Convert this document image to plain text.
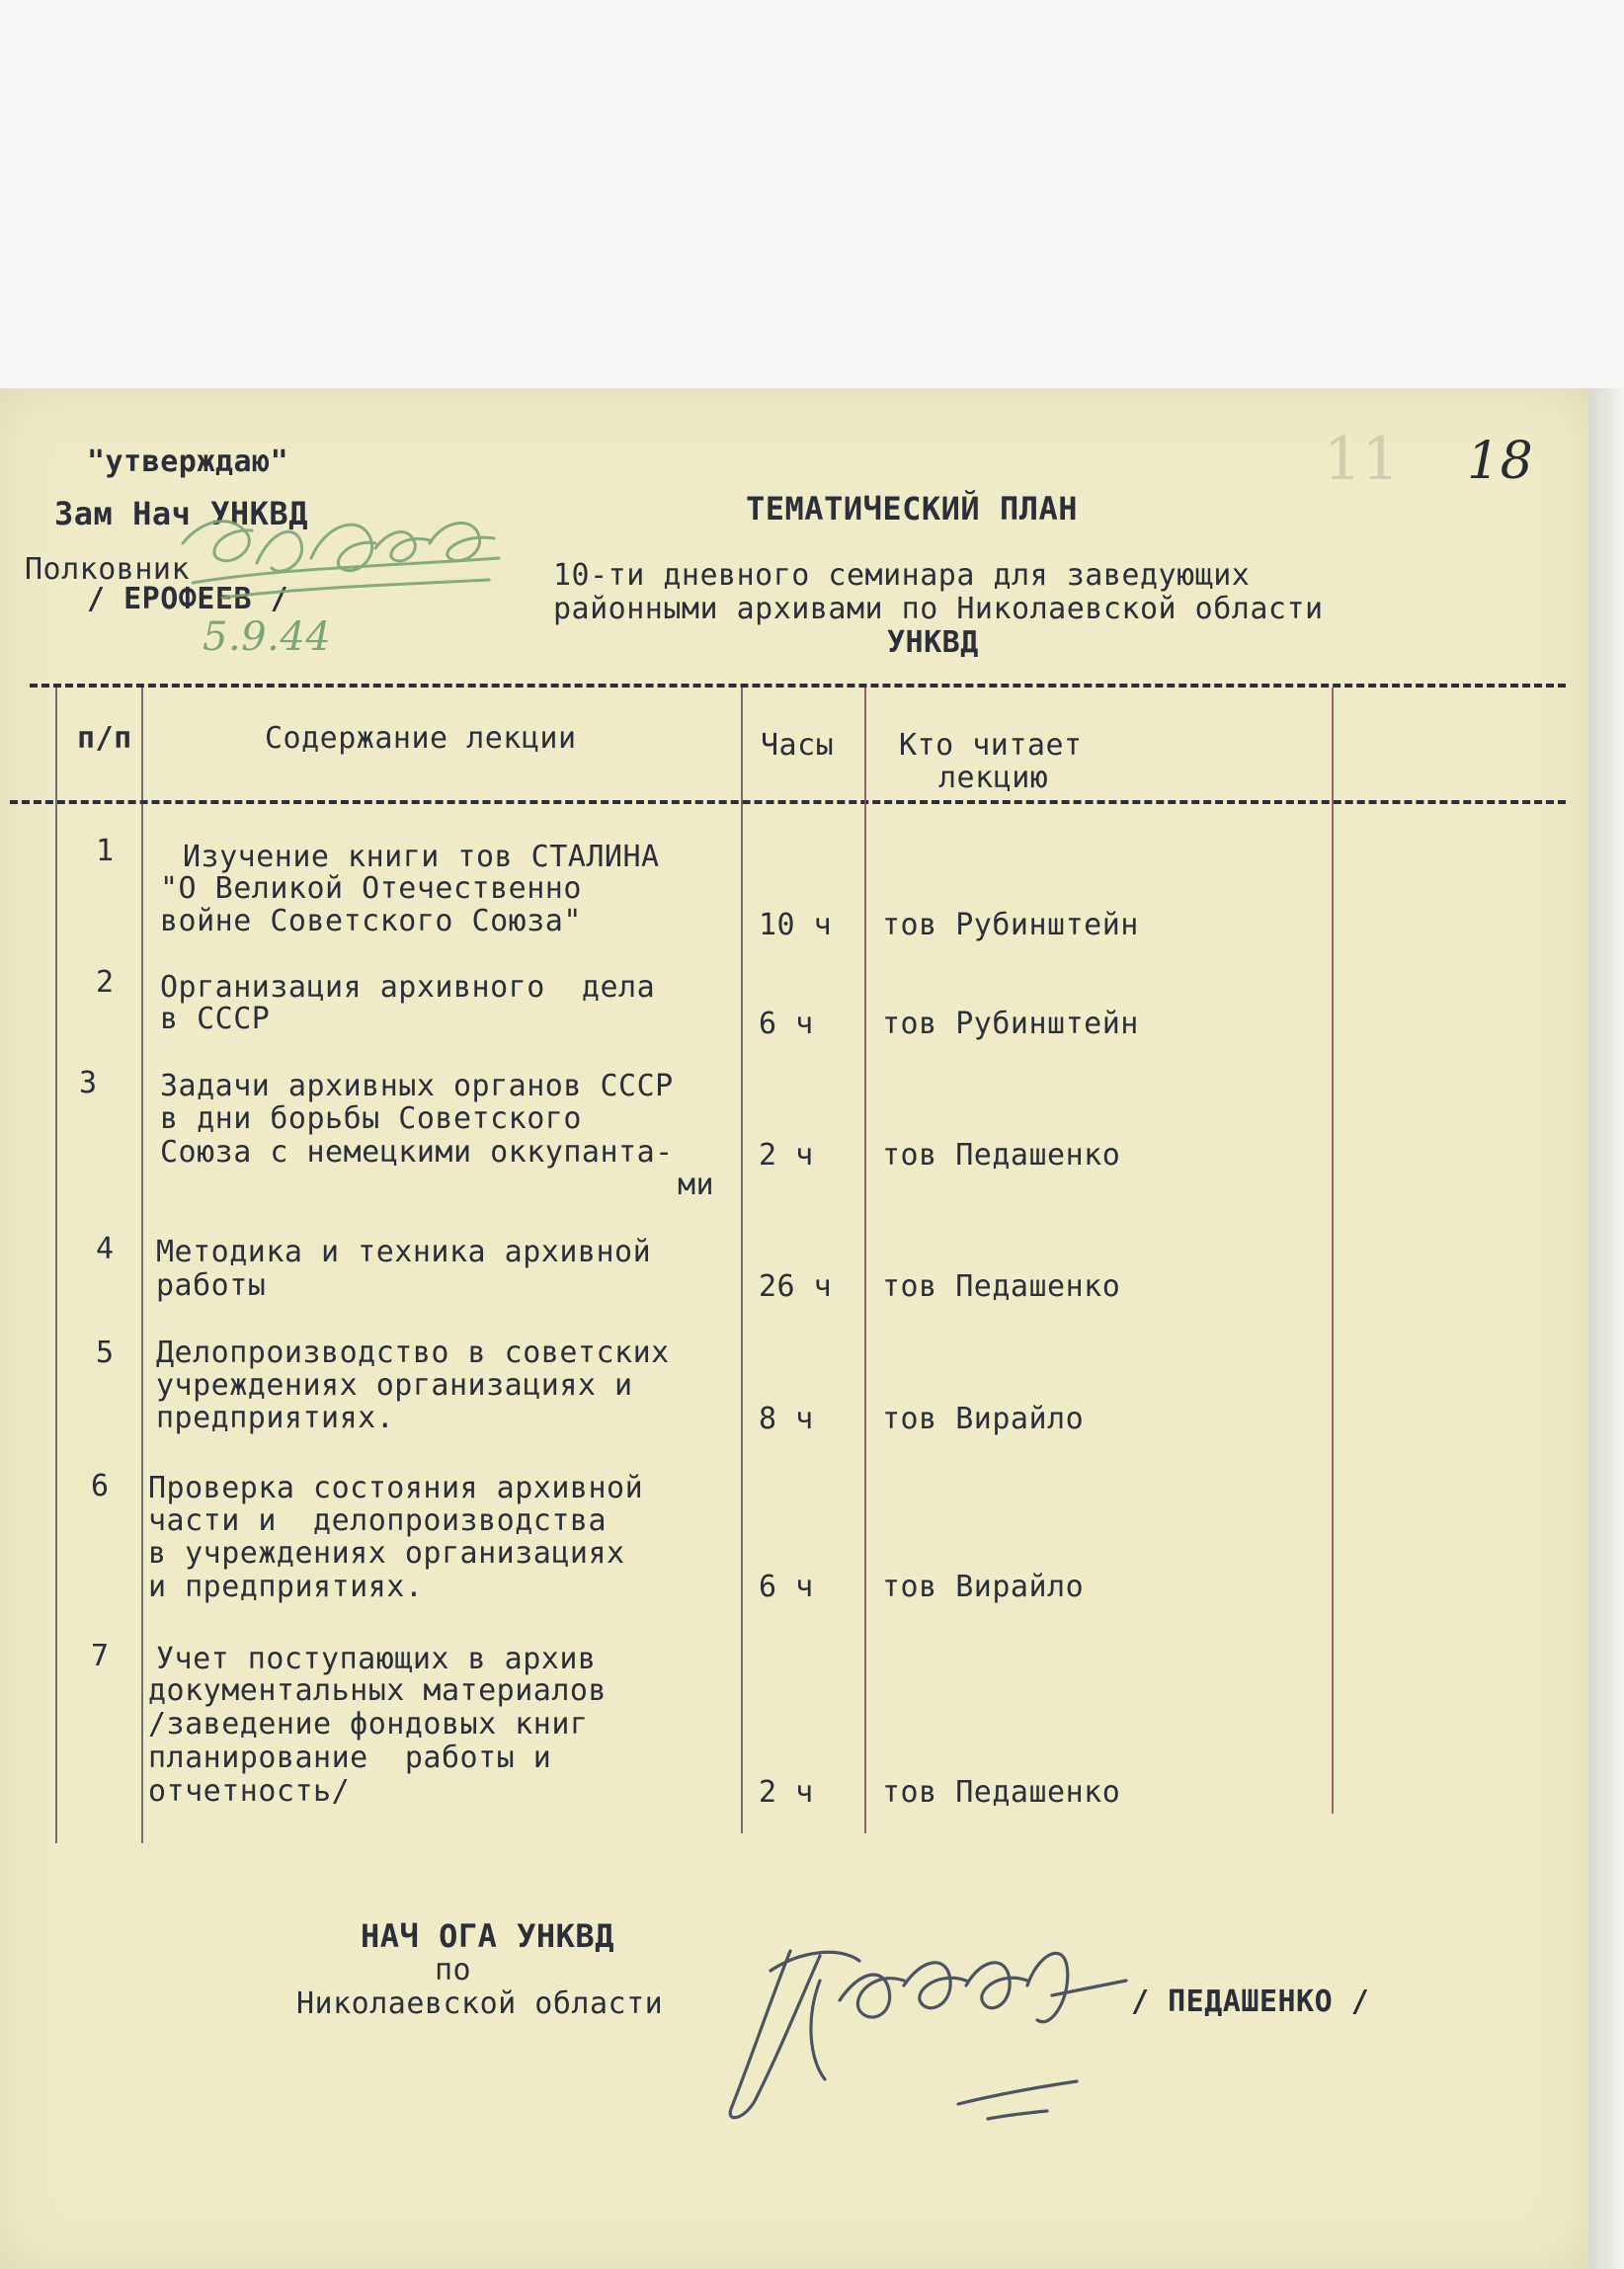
"утверждаю"
Зам Нач УНКВД
Полковник
/ ЕРОФЕЕВ /
5.9.44
18
11
ТЕМАТИЧЕСКИЙ ПЛАН
10-ти дневного семинара для заведующих
районными архивами по Николаевской области
УНКВД
п/п	Содержание лекции	Часы Кто читает
лекцию
1 Изучение книги тов СТАЛИНА
"О Великой Отечественно
войне Советского Союза"	10 ч тов Рубинштейн
2 Организация архивного  дела
в СССР	6 ч тов Рубинштейн
3 Задачи архивных органов СССР
в дни борьбы Советского
Союза с немецкими оккупанта-
ми
2 ч тов Педашенко
4 Методика и техника архивной
работы	26 ч тов Педашенко
5 Делопроизводство в советских
учреждениях организациях и
предприятиях.	8 ч тов Вирайло
6 Проверка состояния архивной
части и  делопроизводства
в учреждениях организациях
и предприятиях.	6 ч тов Вирайло
7 Учет поступающих в архив
документальных материалов
/заведение фондовых книг
планирование  работы и
отчетность/	2 ч тов Педашенко
НАЧ ОГА УНКВД
по
Николаевской области	/ ПЕДАШЕНКО /
